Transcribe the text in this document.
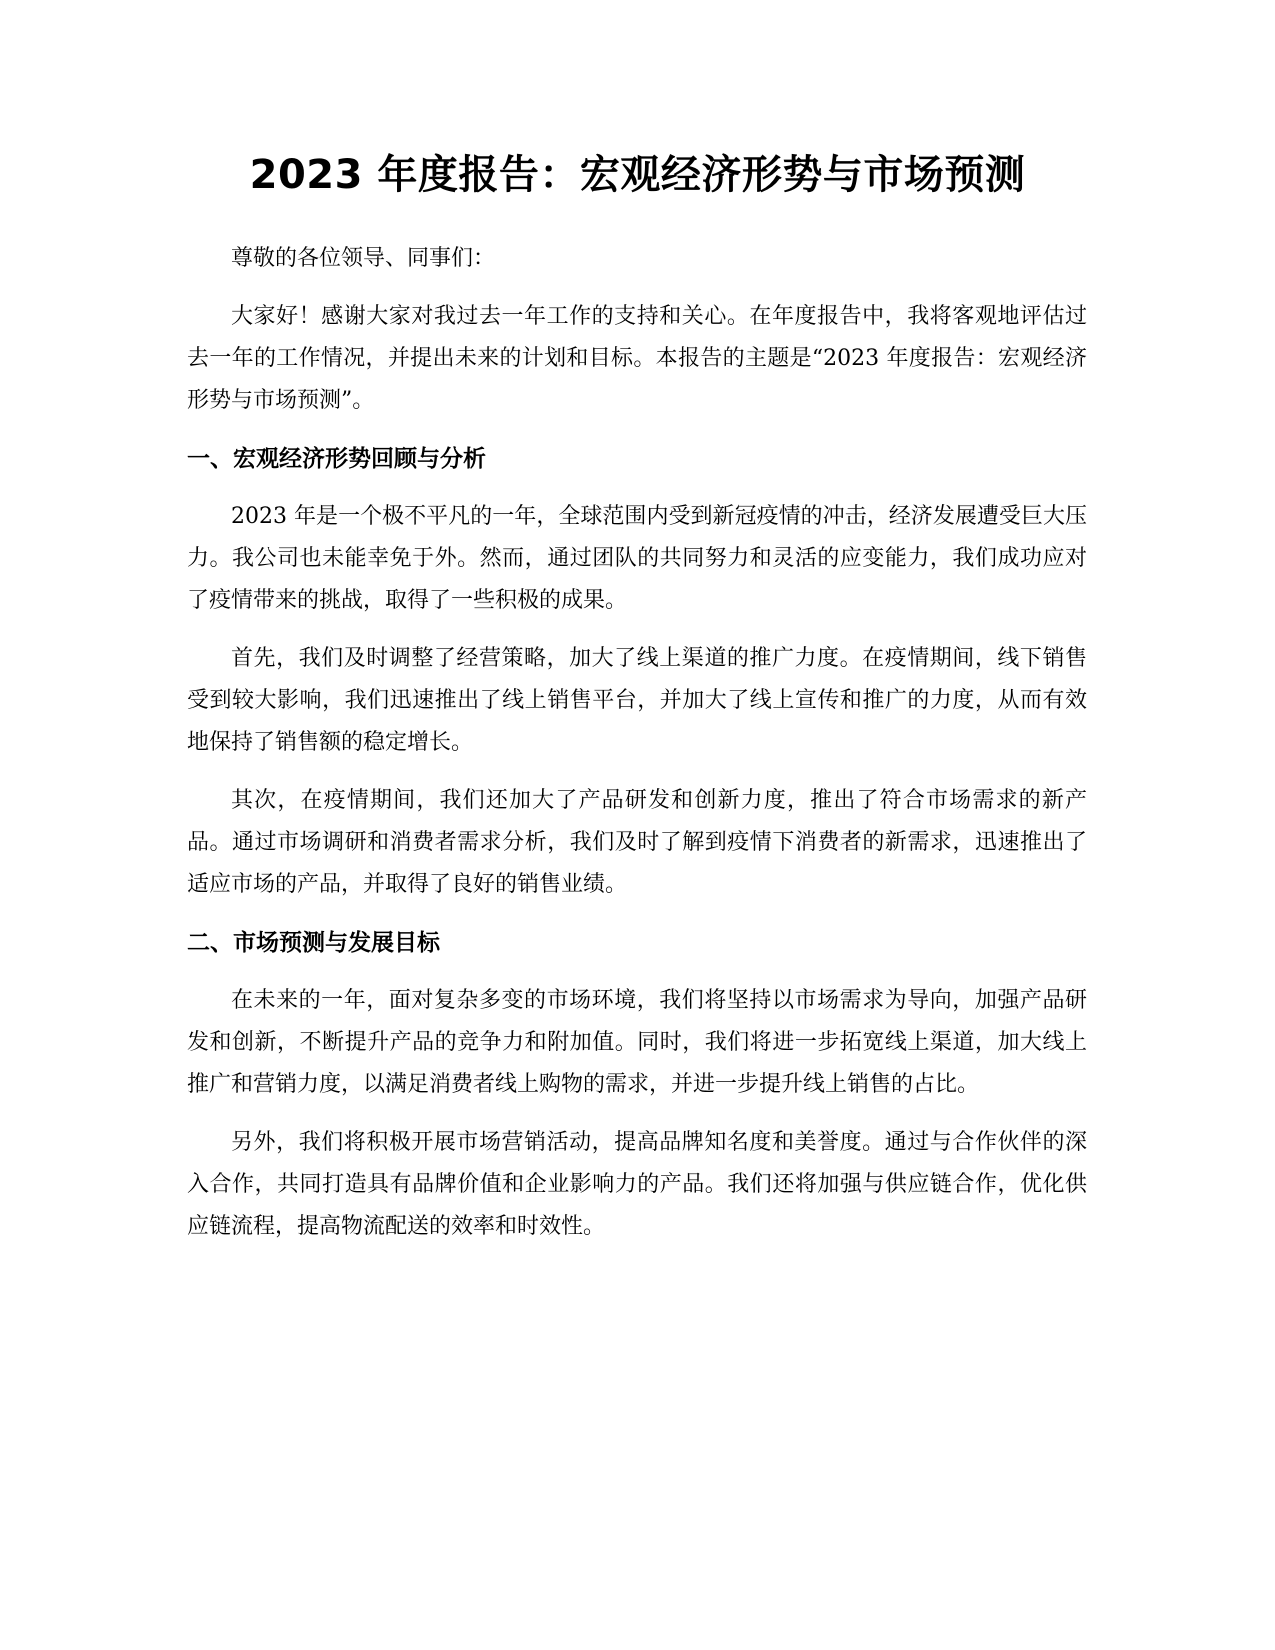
2023 年度报告：宏观经济形势与市场预测

尊敬的各位领导、同事们：

大家好！感谢大家对我过去一年工作的支持和关心。在年度报告中，我将客观地评估过去一年的工作情况，并提出未来的计划和目标。本报告的主题是“2023 年度报告：宏观经济形势与市场预测”。

一、宏观经济形势回顾与分析

2023 年是一个极不平凡的一年，全球范围内受到新冠疫情的冲击，经济发展遭受巨大压力。我公司也未能幸免于外。然而，通过团队的共同努力和灵活的应变能力，我们成功应对了疫情带来的挑战，取得了一些积极的成果。

首先，我们及时调整了经营策略，加大了线上渠道的推广力度。在疫情期间，线下销售受到较大影响，我们迅速推出了线上销售平台，并加大了线上宣传和推广的力度，从而有效地保持了销售额的稳定增长。

其次，在疫情期间，我们还加大了产品研发和创新力度，推出了符合市场需求的新产品。通过市场调研和消费者需求分析，我们及时了解到疫情下消费者的新需求，迅速推出了适应市场的产品，并取得了良好的销售业绩。

二、市场预测与发展目标

在未来的一年，面对复杂多变的市场环境，我们将坚持以市场需求为导向，加强产品研发和创新，不断提升产品的竞争力和附加值。同时，我们将进一步拓宽线上渠道，加大线上推广和营销力度，以满足消费者线上购物的需求，并进一步提升线上销售的占比。

另外，我们将积极开展市场营销活动，提高品牌知名度和美誉度。通过与合作伙伴的深入合作，共同打造具有品牌价值和企业影响力的产品。我们还将加强与供应链合作，优化供应链流程，提高物流配送的效率和时效性。
